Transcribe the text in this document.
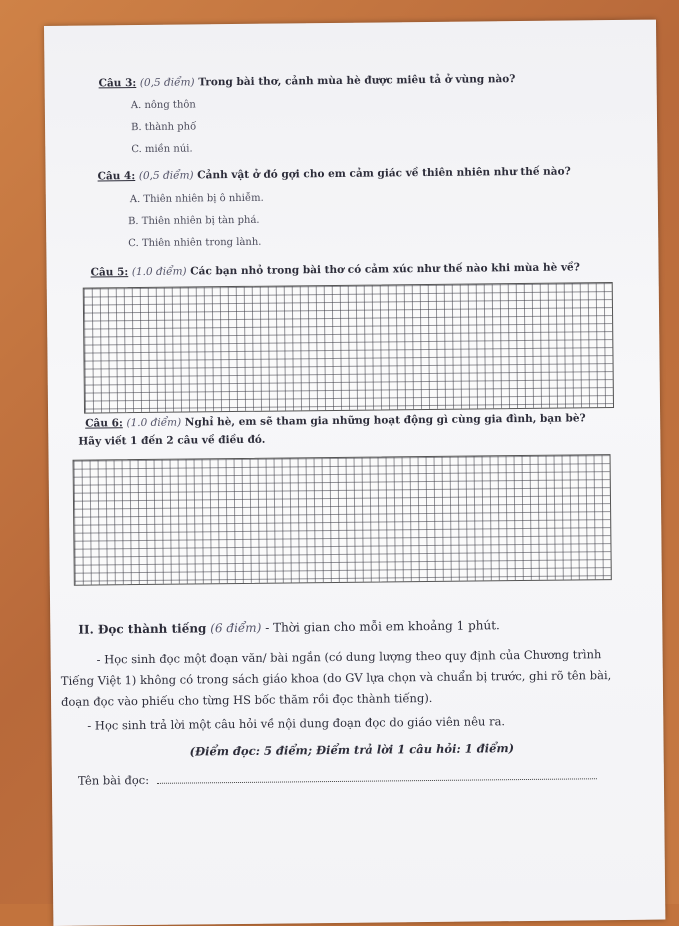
Câu 3: (0,5 điểm) Trong bài thơ, cảnh mùa hè được miêu tả ở vùng nào?
A. nông thôn
B. thành phố
C. miền núi.
Câu 4: (0,5 điểm) Cảnh vật ở đó gợi cho em cảm giác về thiên nhiên như thế nào?
A. Thiên nhiên bị ô nhiễm.
B. Thiên nhiên bị tàn phá.
C. Thiên nhiên trong lành.
Câu 5: (1.0 điểm) Các bạn nhỏ trong bài thơ có cảm xúc như thế nào khi mùa hè về?
Câu 6: (1.0 điểm) Nghỉ hè, em sẽ tham gia những hoạt động gì cùng gia đình, bạn bè?
Hãy viết 1 đến 2 câu về điều đó.
II. Đọc thành tiếng (6 điểm) - Thời gian cho mỗi em khoảng 1 phút.
- Học sinh đọc một đoạn văn/ bài ngắn (có dung lượng theo quy định của Chương trình Tiếng Việt 1) không có trong sách giáo khoa (do GV lựa chọn và chuẩn bị trước, ghi rõ tên bài, đoạn đọc vào phiếu cho từng HS bốc thăm rồi đọc thành tiếng).
- Học sinh trả lời một câu hỏi về nội dung đoạn đọc do giáo viên nêu ra.
(Điểm đọc: 5 điểm; Điểm trả lời 1 câu hỏi: 1 điểm)
Tên bài đọc:
